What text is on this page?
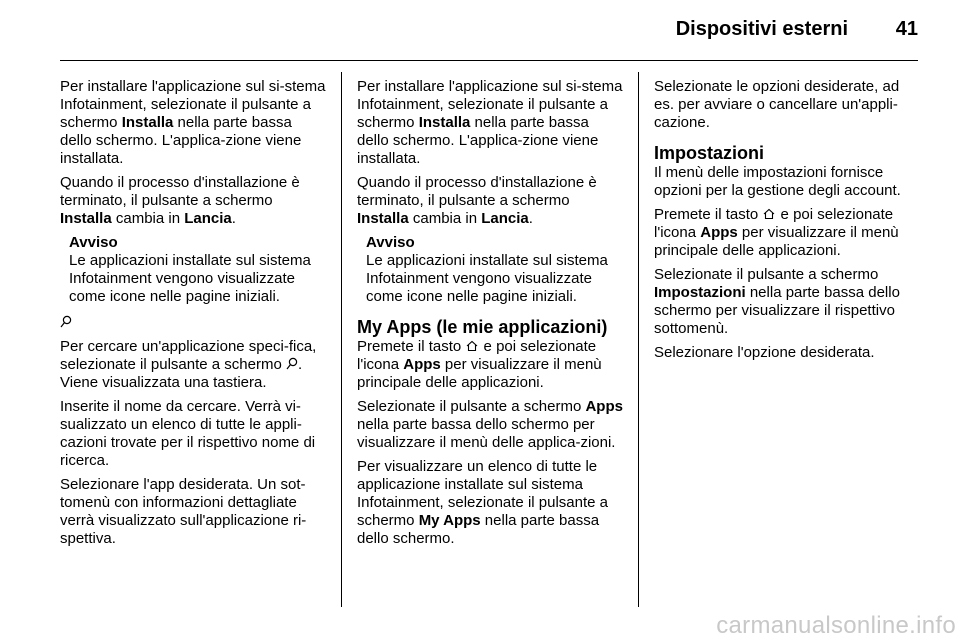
Dispositivi esterni 41

Per installare l'applicazione sul si-stema Infotainment, selezionate il pulsante a schermo Installa nella parte bassa dello schermo. L'applica-zione viene installata.

Quando il processo d'installazione è terminato, il pulsante a schermo Installa cambia in Lancia.

Avviso
Le applicazioni installate sul sistema Infotainment vengono visualizzate come icone nelle pagine iniziali.

Per cercare un'applicazione speci-fica, selezionate il pulsante a schermo . Viene visualizzata una tastiera.

Inserite il nome da cercare. Verrà vi-sualizzato un elenco di tutte le appli-cazioni trovate per il rispettivo nome di ricerca.

Selezionare l'app desiderata. Un sot-tomenù con informazioni dettagliate verrà visualizzato sull'applicazione ri-spettiva.

Per installare l'applicazione sul si-stema Infotainment, selezionate il pulsante a schermo Installa nella parte bassa dello schermo. L'applica-zione viene installata.

Quando il processo d'installazione è terminato, il pulsante a schermo Installa cambia in Lancia.

Avviso
Le applicazioni installate sul sistema Infotainment vengono visualizzate come icone nelle pagine iniziali.
My Apps (le mie applicazioni)

Premete il tasto  e poi selezionate l'icona Apps per visualizzare il menù principale delle applicazioni.

Selezionate il pulsante a schermo Apps nella parte bassa dello schermo per visualizzare il menù delle applica-zioni.

Per visualizzare un elenco di tutte le applicazione installate sul sistema Infotainment, selezionate il pulsante a schermo My Apps nella parte bassa dello schermo.

Selezionate le opzioni desiderate, ad es. per avviare o cancellare un'appli-cazione.

Impostazioni

Il menù delle impostazioni fornisce opzioni per la gestione degli account.

Premete il tasto  e poi selezionate l'icona Apps per visualizzare il menù principale delle applicazioni.

Selezionate il pulsante a schermo Impostazioni nella parte bassa dello schermo per visualizzare il rispettivo sottomenù.

Selezionare l'opzione desiderata.

carmanualsonline.info
